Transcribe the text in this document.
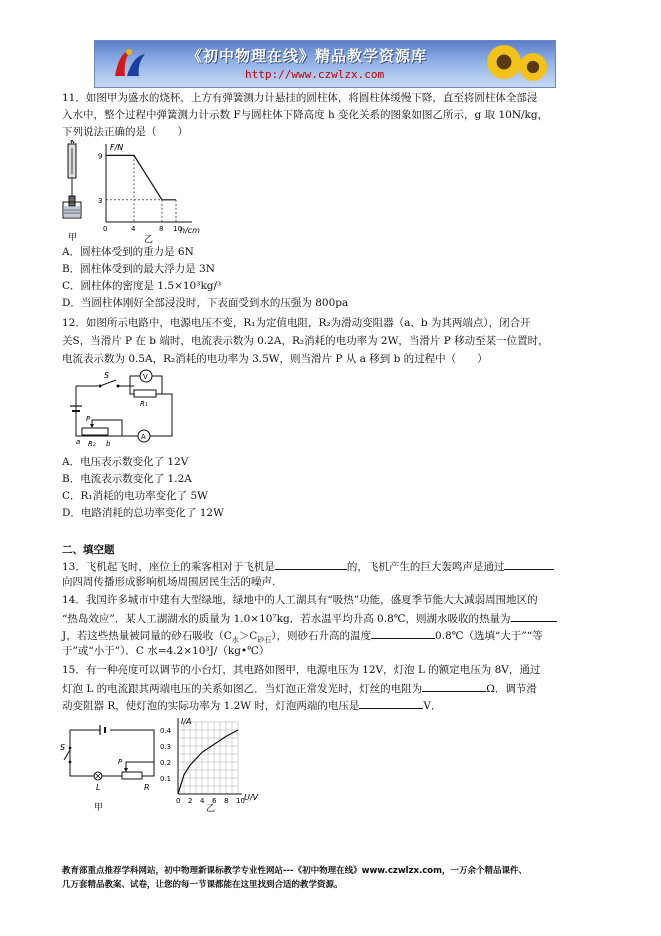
《初中物理在线》精品教学资源库
http://www.czwlzx.com
11．如图甲为盛水的烧杯，上方有弹簧测力计悬挂的圆柱体，将圆柱体缓慢下降，直至将圆柱体全部浸
入水中，整个过程中弹簧测力计示数 F与圆柱体下降高度 h 变化关系的图象如图乙所示，g 取 10N/kg，
下列说法正确的是（　　）
甲
F/N
h/cm
0	4	8 10
9
3
乙
A．圆柱体受到的重力是 6N
B．圆柱体受到的最大浮力是 3N
C．圆柱体的密度是 1.5×10³kg/³
D．当圆柱体刚好全部浸没时，下表面受到水的压强为 800pa
12．如图所示电路中，电源电压不变，R₁为定值电阻，R₂为滑动变阻器（a、b 为其两端点），闭合开
关S，当滑片 P 在 b 端时，电流表示数为 0.2A，R₂消耗的电功率为 2W，当滑片 P 移动至某一位置时，
电流表示数为 0.5A，R₂消耗的电功率为 3.5W，则当滑片 P 从 a 移到 b 的过程中（　　）
S
R₁
V
A
P
a R₂ b
A．电压表示数变化了 12V
B．电流表示数变化了 1.2A
C．R₁消耗的电功率变化了 5W
D．电路消耗的总功率变化了 12W
二、填空题
13．飞机起飞时，座位上的乘客相对于飞机是	的，飞机产生的巨大轰鸣声是通过
向四周传播形成影响机场周围居民生活的噪声.
14．我国许多城市中建有大型绿地，绿地中的人工湖具有“吸热”功能，盛夏季节能大大减弱周围地区的
“热岛效应”．某人工湖湖水的质量为 1.0×10⁷kg．若水温平均升高 0.8℃，则湖水吸收的热量为
J，若这些热量被同量的砂石吸收$(C_水>C_{砂石})$，则砂石升高的温度	0.8℃（选填“大于”“等
于”或“小于”）．C 水=4.2×10³J/（kg•℃）
15．有一种亮度可以调节的小台灯，其电路如图甲，电源电压为 12V，灯泡 L 的额定电压为 8V，通过
灯泡 L 的电流跟其两端电压的关系如图乙．当灯泡正常发光时，灯丝的电阻为	Ω．调节滑
动变阻器 R，使灯泡的实际功率为 1.2W 时，灯泡两端的电压是	V．
S
L
P
R
甲
I/A
U/V
0 2 4 6 8 10
0.4
0.3
0.2
0.1
乙
教育部重点推荐学科网站，初中物理新课标教学专业性网站---《初中物理在线》www.czwlzx.com，一万余个精品课件、
几万套精品教案、试卷，让您的每一节课都能在这里找到合适的教学资源。
